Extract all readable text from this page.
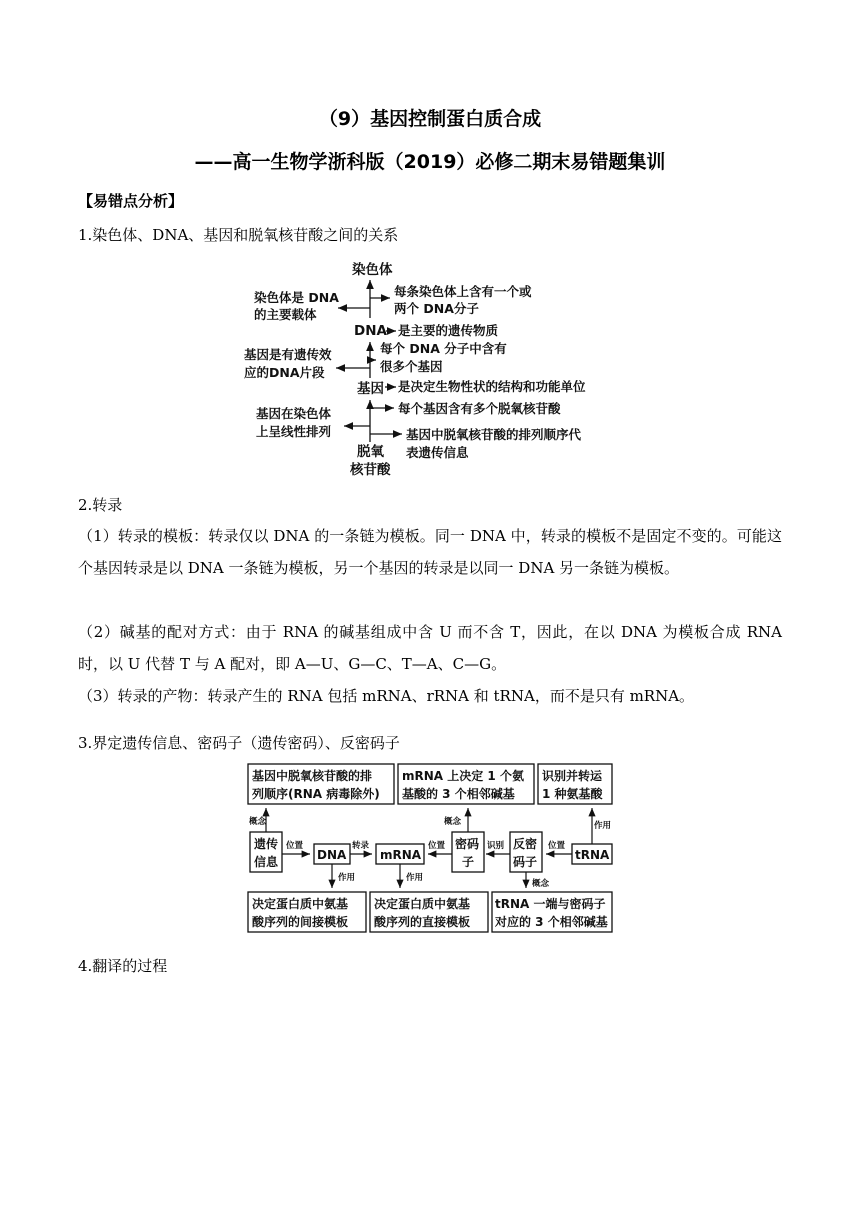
（9）基因控制蛋白质合成
——高一生物学浙科版（2019）必修二期末易错题集训
【易错点分析】
1.染色体、DNA、基因和脱氧核苷酸之间的关系
染色体
染色体是 DNA
的主要载体
每条染色体上含有一个或
两个 DNA分子
DNA 是主要的遗传物质
基因是有遗传效
应的DNA片段
每个 DNA 分子中含有
很多个基因
基因 是决定生物性状的结构和功能单位
基因在染色体
上呈线性排列
每个基因含有多个脱氧核苷酸
基因中脱氧核苷酸的排列顺序代
表遗传信息
脱氧
核苷酸
2.转录
（1）转录的模板：转录仅以 DNA 的一条链为模板。同一 DNA 中，转录的模板不是固定不变的。可能这个基因转录是以 DNA 一条链为模板，另一个基因的转录是以同一 DNA 另一条链为模板。
（2）碱基的配对方式：由于 RNA 的碱基组成中含 U 而不含 T，因此，在以 DNA 为模板合成 RNA 时，以 U 代替 T 与 A 配对，即 A—U、G—C、T—A、C—G。
（3）转录的产物：转录产生的 RNA 包括 mRNA、rRNA 和 tRNA，而不是只有 mRNA。
3.界定遗传信息、密码子（遗传密码）、反密码子
基因中脱氧核苷酸的排
列顺序(RNA 病毒除外)
mRNA 上决定 1 个氨
基酸的 3 个相邻碱基
识别并转运
1 种氨基酸
遗传
信息	DNA	mRNA
密码
子
反密
码子	tRNA
决定蛋白质中氨基
酸序列的间接模板
决定蛋白质中氨基
酸序列的直接模板
tRNA 一端与密码子
对应的 3 个相邻碱基
概念
位置	转录	位置
概念
识别	位置
作用
作用	作用
概念
4.翻译的过程
